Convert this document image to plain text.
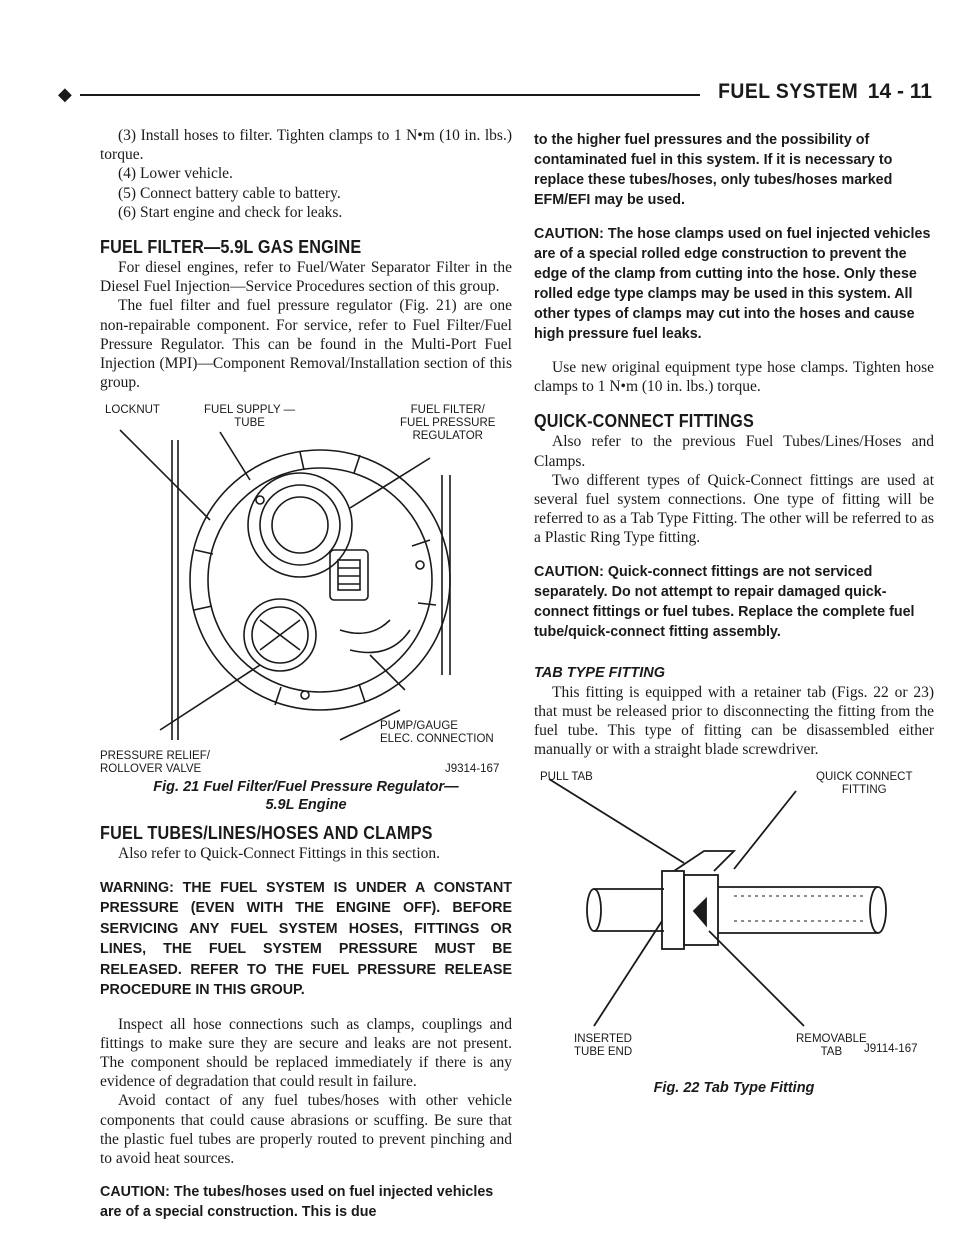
◆	FUEL SYSTEM 14 - 11

(3) Install hoses to filter. Tighten clamps to 1 N•m (10 in. lbs.) torque.

(4) Lower vehicle.

(5) Connect battery cable to battery.

(6) Start engine and check for leaks.

FUEL FILTER—5.9L GAS ENGINE

For diesel engines, refer to Fuel/Water Separator Filter in the Diesel Fuel Injection—Service Procedures section of this group.

The fuel filter and fuel pressure regulator (Fig. 21) are one non-repairable component. For service, refer to Fuel Filter/Fuel Pressure Regulator. This can be found in the Multi-Port Fuel Injection (MPI)—Component Removal/Installation section of this group.

LOCKNUT	FUEL SUPPLY —
TUBE
FUEL FILTER/
FUEL PRESSURE
REGULATOR
PUMP/GAUGE
ELEC. CONNECTION
PRESSURE RELIEF/
ROLLOVER VALVE	J9314-167

Fig. 21 Fuel Filter/Fuel Pressure Regulator—5.9L Engine

FUEL TUBES/LINES/HOSES AND CLAMPS

Also refer to Quick-Connect Fittings in this section.

WARNING: THE FUEL SYSTEM IS UNDER A CONSTANT PRESSURE (EVEN WITH THE ENGINE OFF). BEFORE SERVICING ANY FUEL SYSTEM HOSES, FITTINGS OR LINES, THE FUEL SYSTEM PRESSURE MUST BE RELEASED. REFER TO THE FUEL PRESSURE RELEASE PROCEDURE IN THIS GROUP.

Inspect all hose connections such as clamps, couplings and fittings to make sure they are secure and leaks are not present. The component should be replaced immediately if there is any evidence of degradation that could result in failure.

Avoid contact of any fuel tubes/hoses with other vehicle components that could cause abrasions or scuffing. Be sure that the plastic fuel tubes are properly routed to prevent pinching and to avoid heat sources.

CAUTION: The tubes/hoses used on fuel injected vehicles are of a special construction. This is due

to the higher fuel pressures and the possibility of contaminated fuel in this system. If it is necessary to replace these tubes/hoses, only tubes/hoses marked EFM/EFI may be used.

CAUTION: The hose clamps used on fuel injected vehicles are of a special rolled edge construction to prevent the edge of the clamp from cutting into the hose. Only these rolled edge type clamps may be used in this system. All other types of clamps may cut into the hoses and cause high pressure fuel leaks.

Use new original equipment type hose clamps. Tighten hose clamps to 1 N•m (10 in. lbs.) torque.

QUICK-CONNECT FITTINGS

Also refer to the previous Fuel Tubes/Lines/Hoses and Clamps.

Two different types of Quick-Connect fittings are used at several fuel system connections. One type of fitting will be referred to as a Tab Type Fitting. The other will be referred to as a Plastic Ring Type fitting.

CAUTION: Quick-connect fittings are not serviced separately. Do not attempt to repair damaged quick-connect fittings or fuel tubes. Replace the complete fuel tube/quick-connect fitting assembly.

TAB TYPE FITTING

This fitting is equipped with a retainer tab (Figs. 22 or 23) that must be released prior to disconnecting the fitting from the fuel tube. This type of fitting can be disassembled either manually or with a straight blade screwdriver.

PULL TAB	QUICK CONNECT
FITTING
INSERTED
TUBE END
REMOVABLE
TAB	J9114-167

Fig. 22 Tab Type Fitting
